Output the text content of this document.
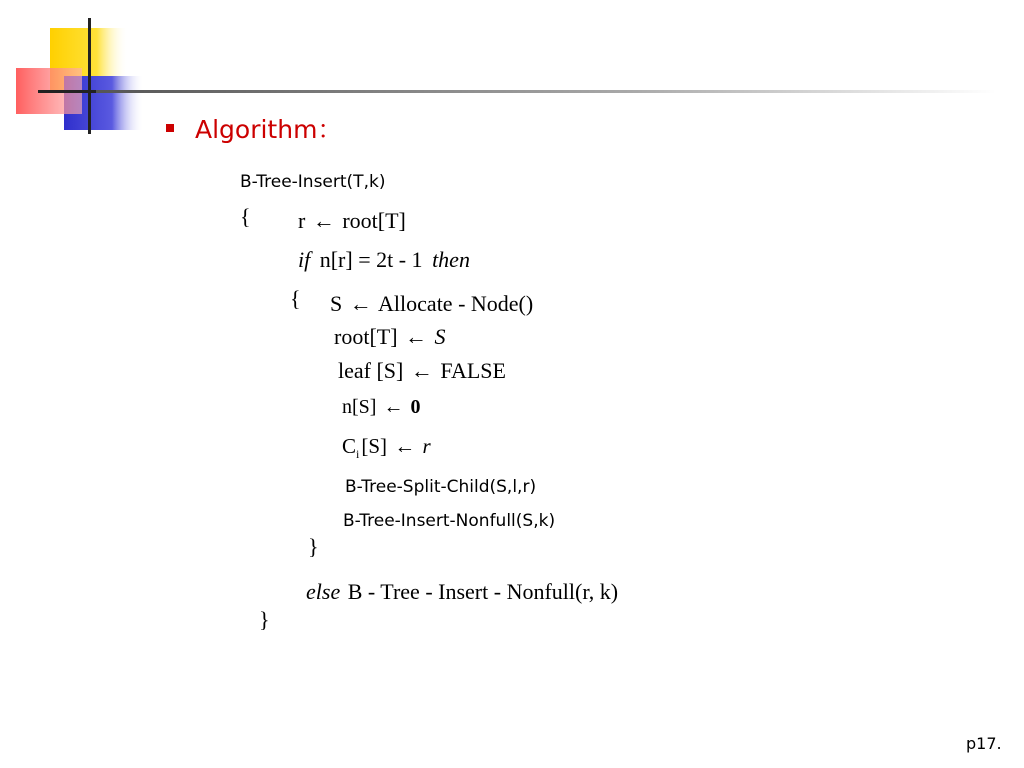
Algorithm：
B-Tree-Insert(T,k)
{ r ← root[T]
if n[r] = 2t - 1 then
{ S ← Allocate - Node()
root[T] ← S
leaf [S] ← FALSE
n[S] ← 0
$C_i[S]$ ← r
B-Tree-Split-Child(S,l,r)
B-Tree-Insert-Nonfull(S,k)
}
else B - Tree - Insert - Nonfull(r, k)
}
p17.
